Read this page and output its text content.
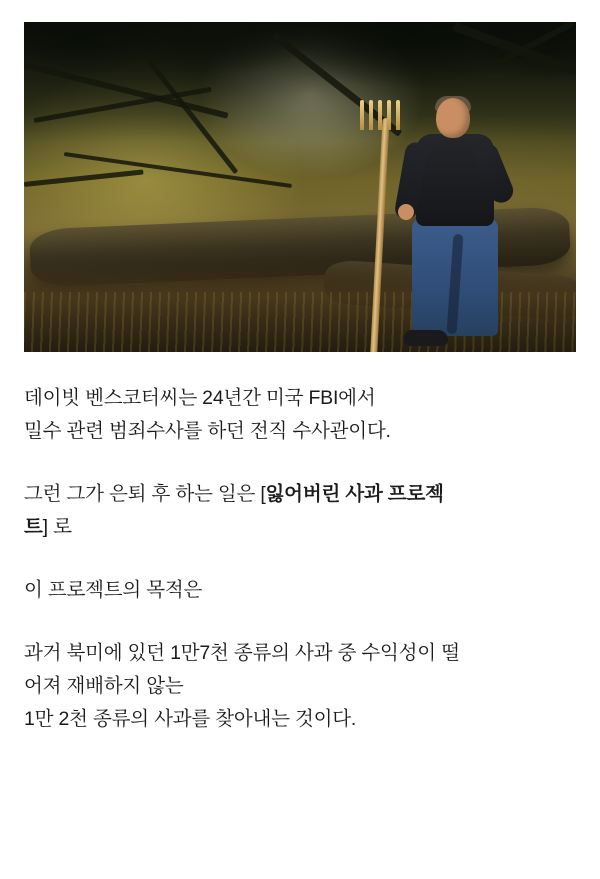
데이빗 벤스코터씨는 24년간 미국 FBI에서
밀수 관련 범죄수사를 하던 전직 수사관이다.

그런 그가 은퇴 후 하는 일은 [잃어버린 사과 프로젝
트] 로

이 프로젝트의 목적은

과거 북미에 있던 1만7천 종류의 사과 중 수익성이 떨
어져 재배하지 않는
1만 2천 종류의 사과를 찾아내는 것이다.
